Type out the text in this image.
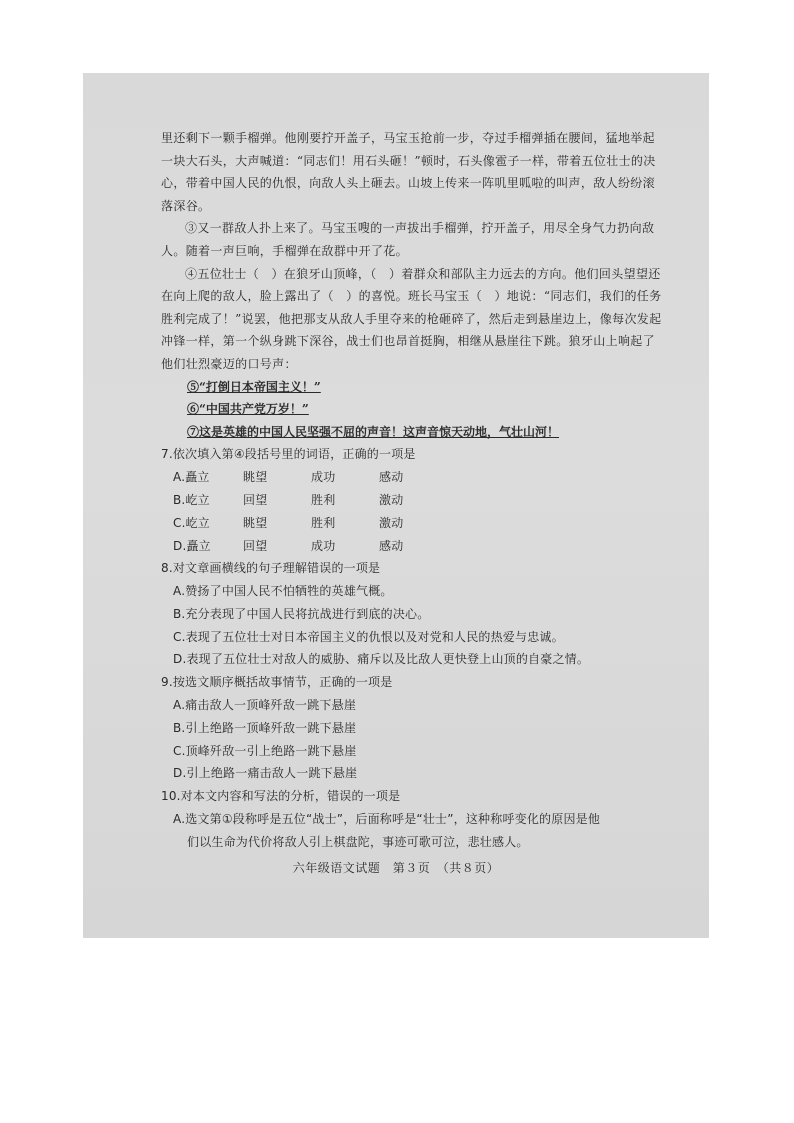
里还剩下一颗手榴弹。他刚要拧开盖子，马宝玉抢前一步，夺过手榴弹插在腰间，猛地举起一块大石头，大声喊道：“同志们！用石头砸！”顿时，石头像雹子一样，带着五位壮士的决心，带着中国人民的仇恨，向敌人头上砸去。山坡上传来一阵叽里呱啦的叫声，敌人纷纷滚落深谷。

③又一群敌人扑上来了。马宝玉嗖的一声拔出手榴弹，拧开盖子，用尽全身气力扔向敌人。随着一声巨响，手榴弹在敌群中开了花。

④五位壮士（　）在狼牙山顶峰，（　）着群众和部队主力远去的方向。他们回头望望还在向上爬的敌人，脸上露出了（　）的喜悦。班长马宝玉（　）地说：“同志们，我们的任务胜利完成了！”说罢，他把那支从敌人手里夺来的枪砸碎了，然后走到悬崖边上，像每次发起冲锋一样，第一个纵身跳下深谷，战士们也昂首挺胸，相继从悬崖往下跳。狼牙山上响起了他们壮烈豪迈的口号声：

⑤“打倒日本帝国主义！”

⑥“中国共产党万岁！”

⑦这是英雄的中国人民坚强不屈的声音！这声音惊天动地，气壮山河！

7.依次填入第④段括号里的词语，正确的一项是

A.矗立	眺望	成功	感动
B.屹立	回望	胜利	激动
C.屹立	眺望	胜利	激动
D.矗立	回望	成功	感动

8.对文章画横线的句子理解错误的一项是

A.赞扬了中国人民不怕牺牲的英雄气概。

B.充分表现了中国人民将抗战进行到底的决心。

C.表现了五位壮士对日本帝国主义的仇恨以及对党和人民的热爱与忠诚。

D.表现了五位壮士对敌人的威胁、痛斥以及比敌人更快登上山顶的自豪之情。

9.按选文顺序概括故事情节，正确的一项是

A.痛击敌人一顶峰歼敌一跳下悬崖

B.引上绝路一顶峰歼敌一跳下悬崖

C.顶峰歼敌一引上绝路一跳下悬崖

D.引上绝路一痛击敌人一跳下悬崖

10.对本文内容和写法的分析，错误的一项是

A.选文第①段称呼是五位“战士”，后面称呼是“壮士”，这种称呼变化的原因是他

们以生命为代价将敌人引上棋盘陀，事迹可歌可泣，悲壮感人。

六年级语文试题　第３页　（共８页）
